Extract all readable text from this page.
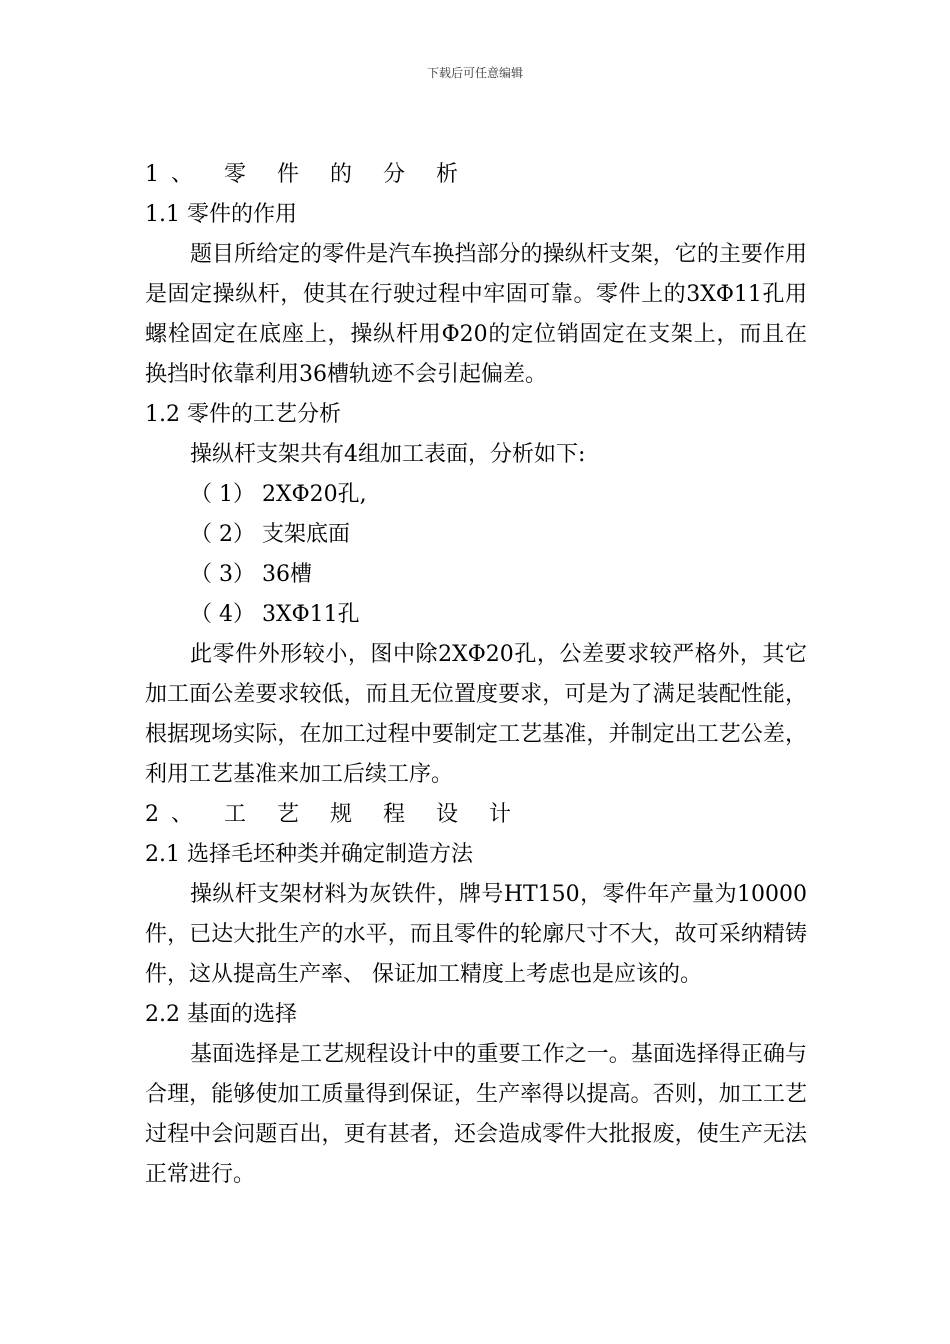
下载后可任意编辑
1、 零 件 的 分 析
1.1 零件的作用
题目所给定的零件是汽车换挡部分的操纵杆支架，它的主要作用是固定操纵杆，使其在行驶过程中牢固可靠。零件上的3XΦ11孔用螺栓固定在底座上，操纵杆用Φ20的定位销固定在支架上，而且在换挡时依靠利用36槽轨迹不会引起偏差。
1.2 零件的工艺分析
操纵杆支架共有4组加工表面，分析如下:
（ 1） 2XΦ20孔,
（ 2） 支架底面
（ 3） 36槽
（ 4） 3XΦ11孔
此零件外形较小，图中除2XΦ20孔，公差要求较严格外，其它加工面公差要求较低，而且无位置度要求，可是为了满足装配性能，根据现场实际，在加工过程中要制定工艺基准，并制定出工艺公差，利用工艺基准来加工后续工序。
2、 工 艺 规 程 设 计
2.1 选择毛坯种类并确定制造方法
操纵杆支架材料为灰铁件，牌号HT150，零件年产量为10000件，已达大批生产的水平，而且零件的轮廓尺寸不大，故可采纳精铸件，这从提高生产率、 保证加工精度上考虑也是应该的。
2.2 基面的选择
基面选择是工艺规程设计中的重要工作之一。基面选择得正确与合理，能够使加工质量得到保证，生产率得以提高。否则，加工工艺过程中会问题百出，更有甚者，还会造成零件大批报废，使生产无法正常进行。
